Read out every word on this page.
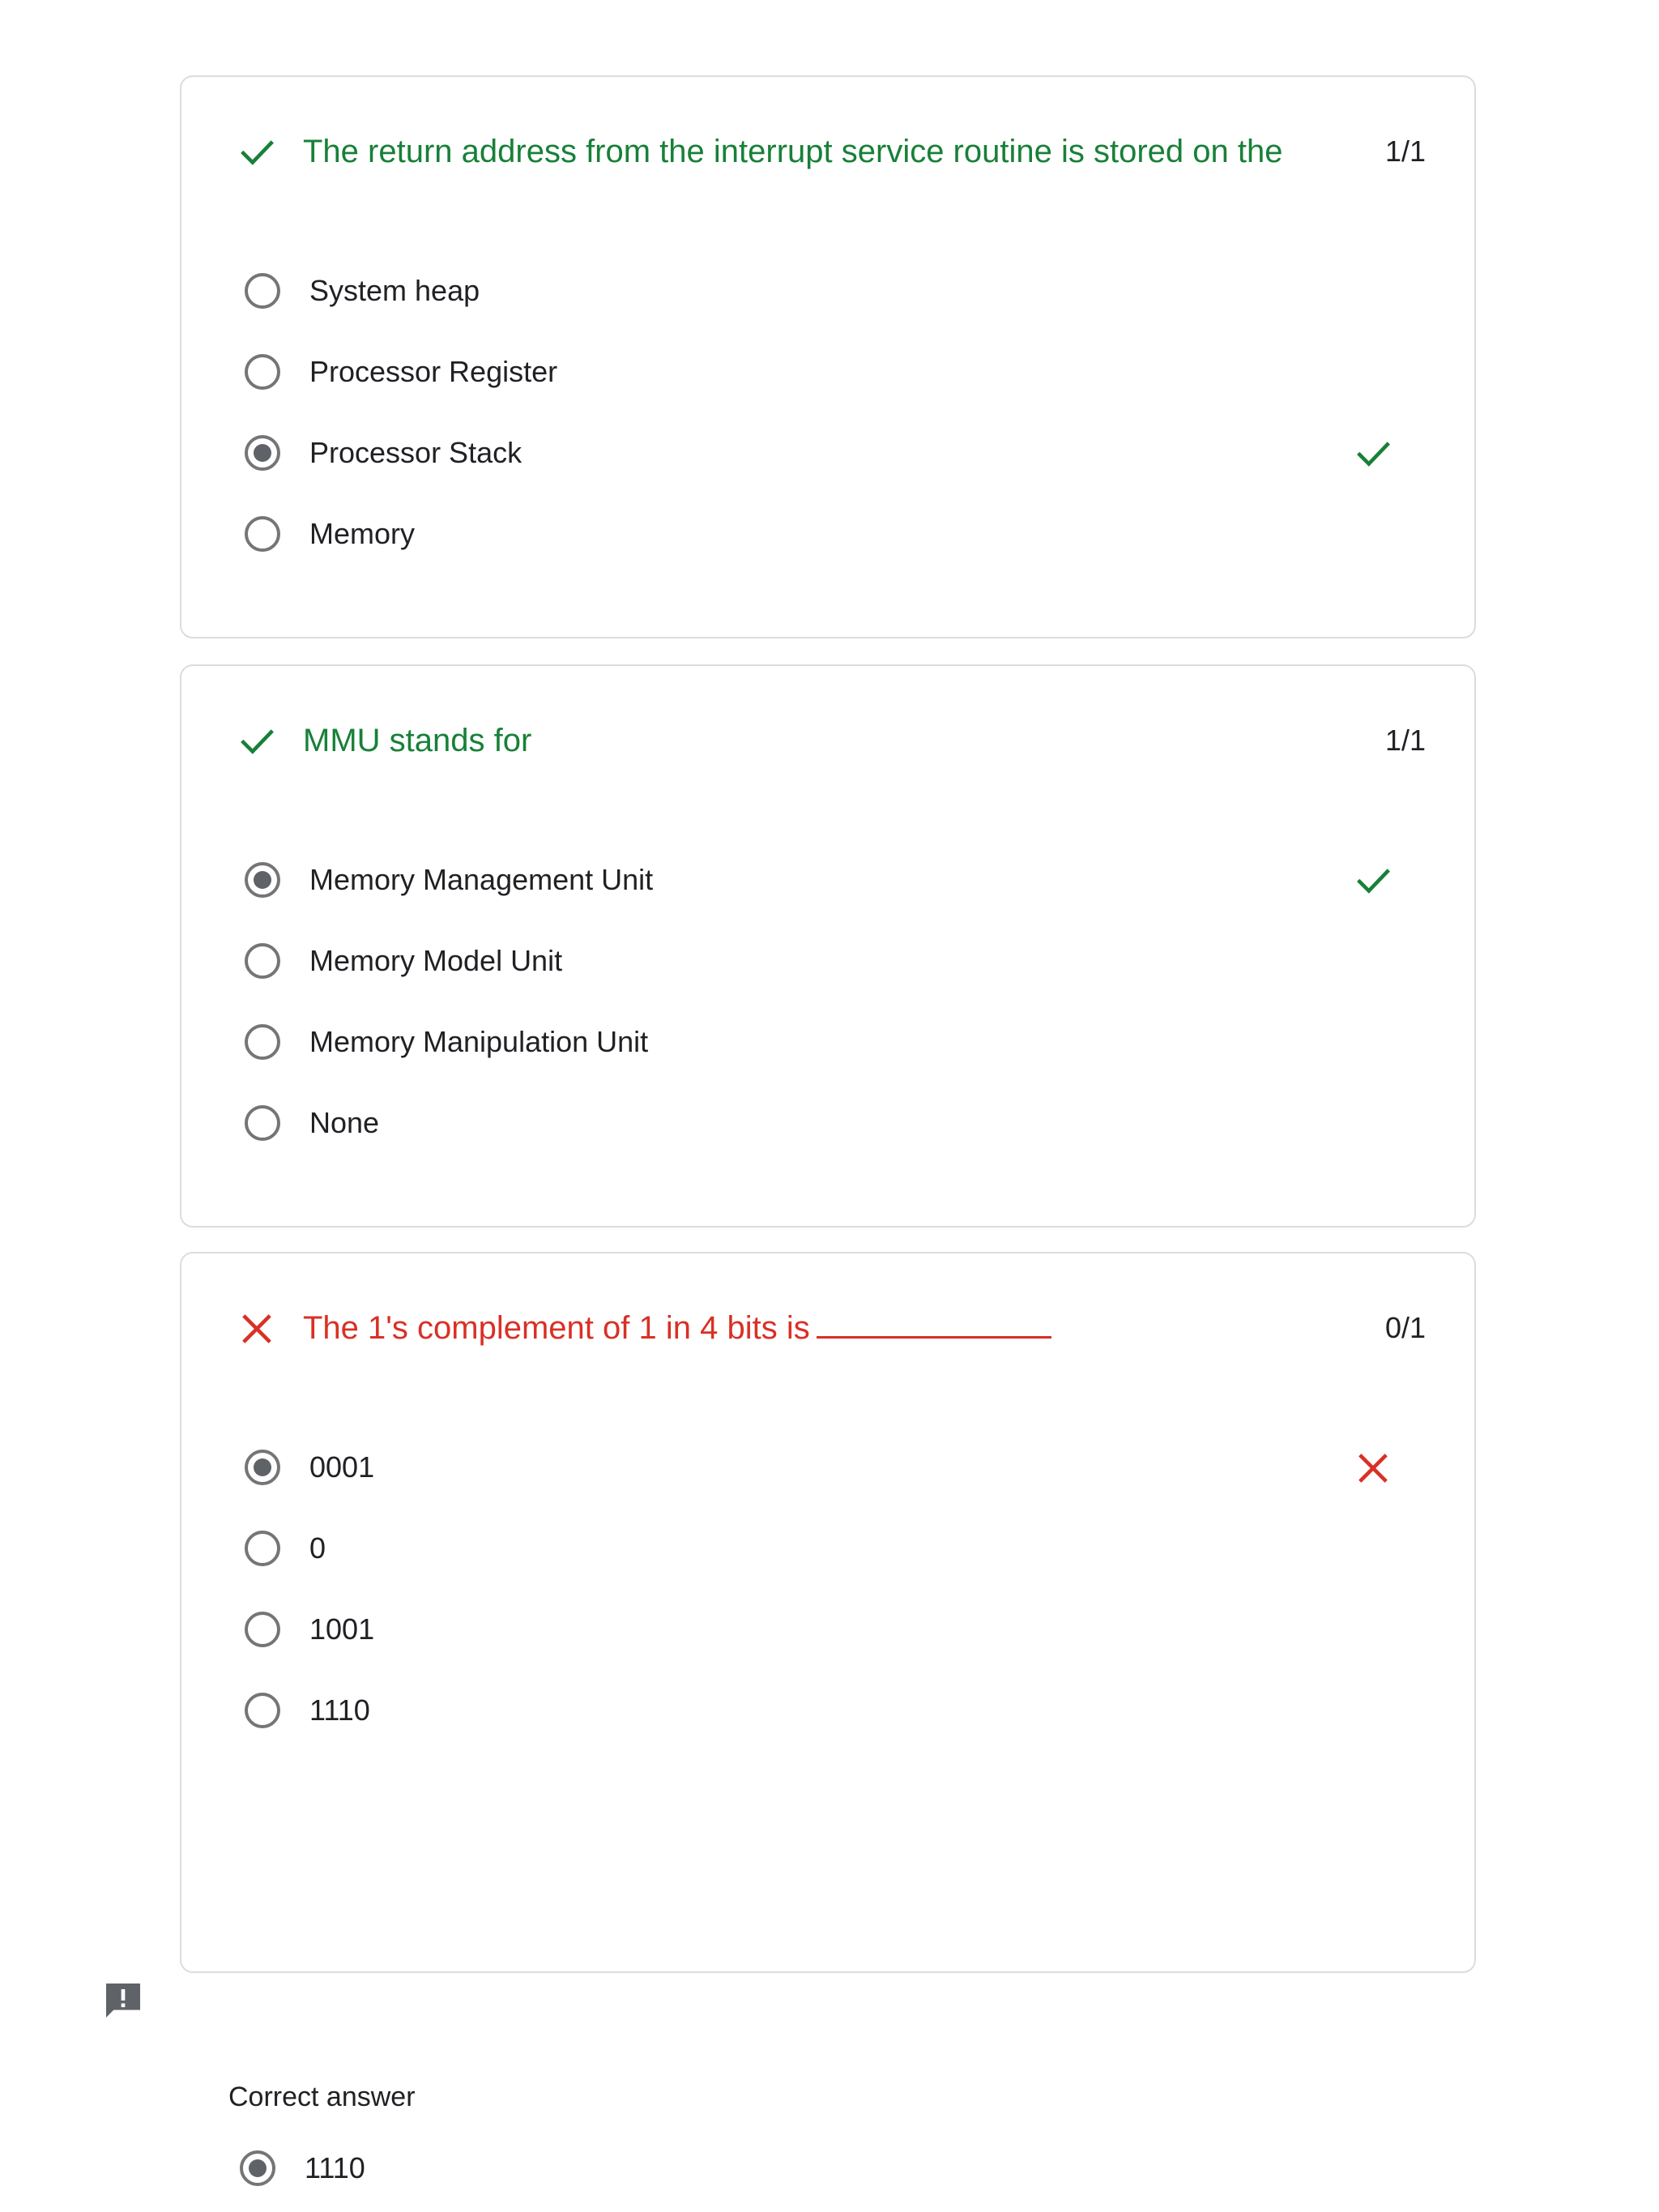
The return address from the interrupt service routine is stored on the	1/1
System heap
Processor Register
Processor Stack
Memory
MMU stands for	1/1
Memory Management Unit
Memory Model Unit
Memory Manipulation Unit
None
The 1's complement of 1 in 4 bits is	0/1
0001
0
1001
1110
Correct answer
1110
